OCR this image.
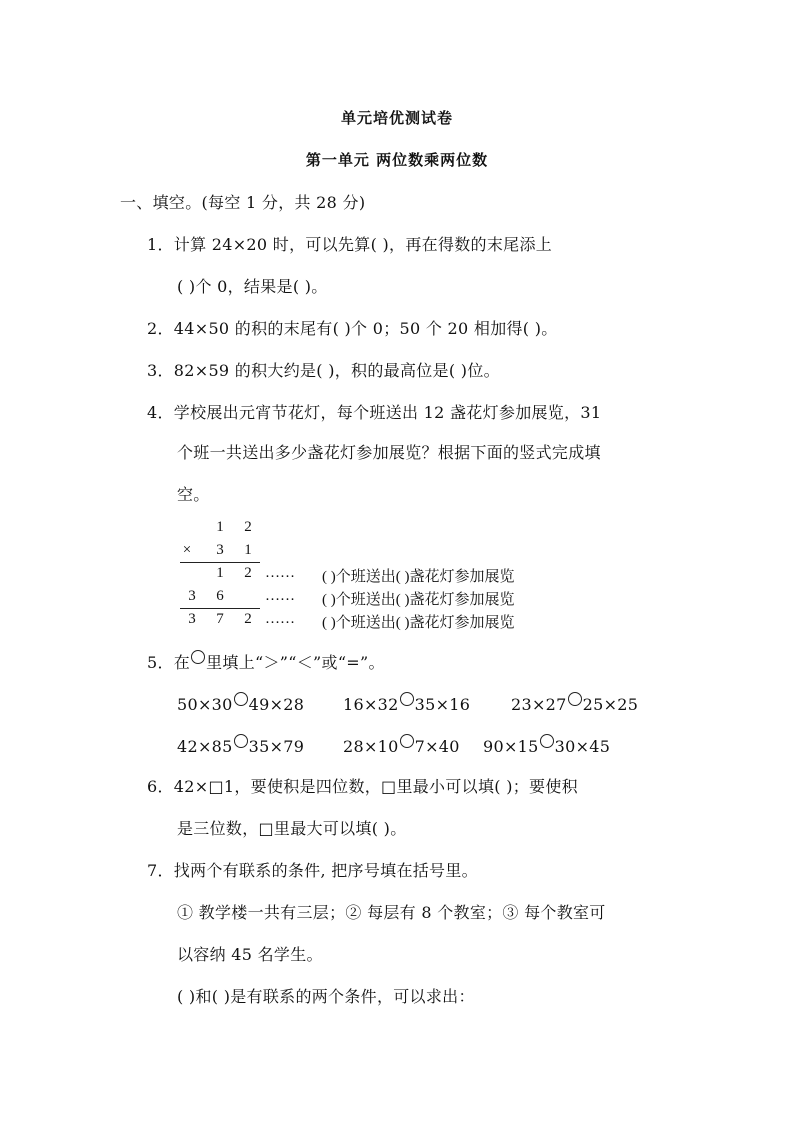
单元培优测试卷
第一单元 两位数乘两位数
一、填空。(每空 1 分，共 28 分)
1．计算 24×20 时，可以先算( )，再在得数的末尾添上
( )个 0，结果是( )。
2．44×50 的积的末尾有( )个 0；50 个 20 相加得( )。
3．82×59 的积大约是( )，积的最高位是( )位。
4．学校展出元宵节花灯，每个班送出 12 盏花灯参加展览，31
个班一共送出多少盏花灯参加展览？根据下面的竖式完成填
空。
1 2
× 3 1
1 2 …… ( )个班送出( )盏花灯参加展览
3 6	…… ( )个班送出( )盏花灯参加展览
3 7 2 …… ( )个班送出( )盏花灯参加展览
5．在 里填上“＞”“＜”或“=”。
50×30 49×28 16×32 35×16	23×27 25×25
42×85 35×79 28×10 7×40 90×15 30×45
6．42×□1，要使积是四位数，□里最小可以填( )；要使积
是三位数，□里最大可以填( )。
7．找两个有联系的条件, 把序号填在括号里。
① 教学楼一共有三层；② 每层有 8 个教室；③ 每个教室可
以容纳 45 名学生。
( )和( )是有联系的两个条件，可以求出：
